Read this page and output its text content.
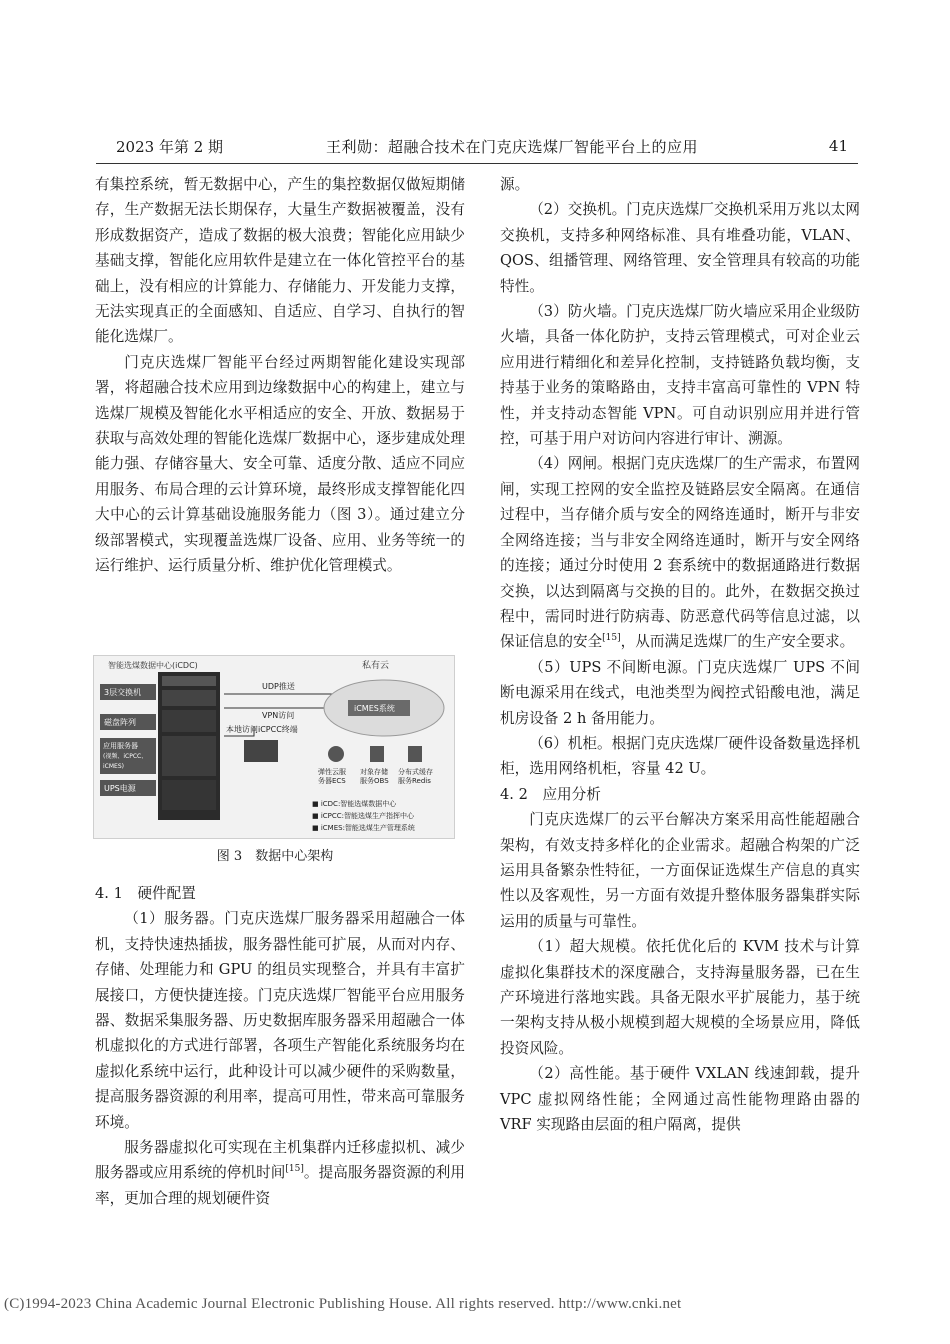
2023 年第 2 期	王利勋：超融合技术在门克庆选煤厂智能平台上的应用	41

有集控系统，暂无数据中心，产生的集控数据仅做短期储存，生产数据无法长期保存，大量生产数据被覆盖，没有形成数据资产，造成了数据的极大浪费；智能化应用缺少基础支撑，智能化应用软件是建立在一体化管控平台的基础上，没有相应的计算能力、存储能力、开发能力支撑，无法实现真正的全面感知、自适应、自学习、自执行的智能化选煤厂。

门克庆选煤厂智能平台经过两期智能化建设实现部署，将超融合技术应用到边缘数据中心的构建上，建立与选煤厂规模及智能化水平相适应的安全、开放、数据易于获取与高效处理的智能化选煤厂数据中心，逐步建成处理能力强、存储容量大、安全可靠、适度分散、适应不同应用服务、布局合理的云计算环境，最终形成支撑智能化四大中心的云计算基础设施服务能力（图 3）。通过建立分级部署模式，实现覆盖选煤厂设备、应用、业务等统一的运行维护、运行质量分析、维护优化管理模式。

智能选煤数据中心(iCDC)	私有云
3层交换机
磁盘阵列
应用服务器
(视频、iCPCC、
iCMES)
UPS电源
UDP推送
VPN访问
本地访问 iCPCC终端
iCMES系统
弹性云服
务器ECS
对象存储
服务OBS
分布式缓存
服务Redis
■ iCDC:智能选煤数据中心
■ iCPCC:智能选煤生产指挥中心
■ iCMES:智能选煤生产管理系统
图 3　数据中心架构
4. 1　硬件配置

（1）服务器。门克庆选煤厂服务器采用超融合一体机，支持快速热插拔，服务器性能可扩展，从而对内存、存储、处理能力和 GPU 的组员实现整合，并具有丰富扩展接口，方便快捷连接。门克庆选煤厂智能平台应用服务器、数据采集服务器、历史数据库服务器采用超融合一体机虚拟化的方式进行部署，各项生产智能化系统服务均在虚拟化系统中运行，此种设计可以减少硬件的采购数量，提高服务器资源的利用率，提高可用性，带来高可靠服务环境。

服务器虚拟化可实现在主机集群内迁移虚拟机、减少服务器或应用系统的停机时间[15]。提高服务器资源的利用率，更加合理的规划硬件资

源。

（2）交换机。门克庆选煤厂交换机采用万兆以太网交换机，支持多种网络标准、具有堆叠功能，VLAN、QOS、组播管理、网络管理、安全管理具有较高的功能特性。

（3）防火墙。门克庆选煤厂防火墙应采用企业级防火墙，具备一体化防护，支持云管理模式，可对企业云应用进行精细化和差异化控制，支持链路负载均衡，支持基于业务的策略路由，支持丰富高可靠性的 VPN 特性，并支持动态智能 VPN。可自动识别应用并进行管控，可基于用户对访问内容进行审计、溯源。

（4）网闸。根据门克庆选煤厂的生产需求，布置网闸，实现工控网的安全监控及链路层安全隔离。在通信过程中，当存储介质与安全的网络连通时，断开与非安全网络连接；当与非安全网络连通时，断开与安全网络的连接；通过分时使用 2 套系统中的数据通路进行数据交换，以达到隔离与交换的目的。此外，在数据交换过程中，需同时进行防病毒、防恶意代码等信息过滤，以保证信息的安全[15]，从而满足选煤厂的生产安全要求。

（5）UPS 不间断电源。门克庆选煤厂 UPS 不间断电源采用在线式，电池类型为阀控式铅酸电池，满足机房设备 2 h 备用能力。

（6）机柜。根据门克庆选煤厂硬件设备数量选择机柜，选用网络机柜，容量 42 U。

4. 2　应用分析

门克庆选煤厂的云平台解决方案采用高性能超融合架构，有效支持多样化的企业需求。超融合构架的广泛运用具备繁杂性特征，一方面保证选煤生产信息的真实性以及客观性，另一方面有效提升整体服务器集群实际运用的质量与可靠性。

（1）超大规模。依托优化后的 KVM 技术与计算虚拟化集群技术的深度融合，支持海量服务器，已在生产环境进行落地实践。具备无限水平扩展能力，基于统一架构支持从极小规模到超大规模的全场景应用，降低投资风险。

（2）高性能。基于硬件 VXLAN 线速卸载，提升 VPC 虚拟网络性能；全网通过高性能物理路由器的 VRF 实现路由层面的租户隔离，提供

(C)1994-2023 China Academic Journal Electronic Publishing House. All rights reserved. http://www.cnki.net
